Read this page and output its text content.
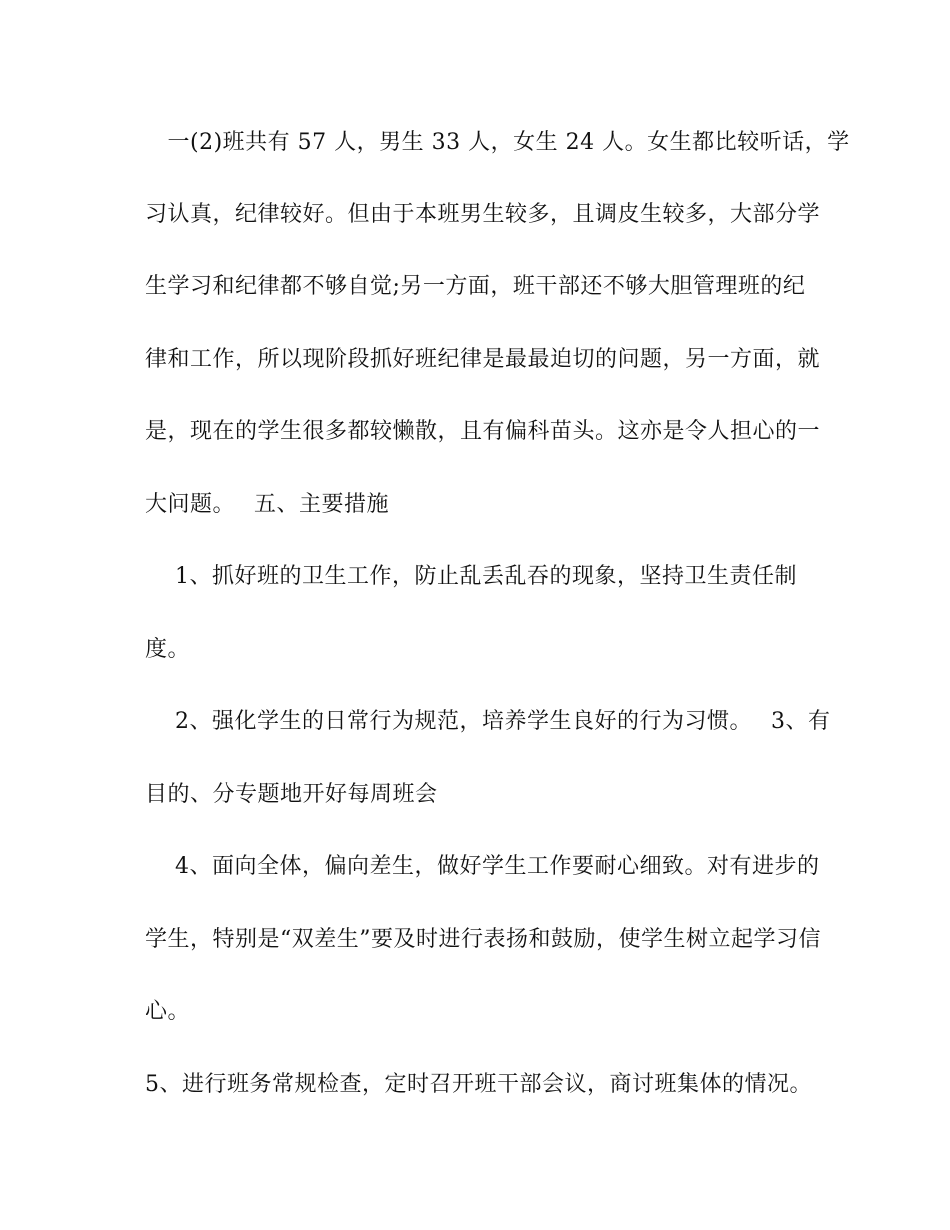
　一(2)班共有 57 人，男生 33 人，女生 24 人。女生都比较听话，学
习认真，纪律较好。但由于本班男生较多，且调皮生较多，大部分学
生学习和纪律都不够自觉;另一方面，班干部还不够大胆管理班的纪
律和工作，所以现阶段抓好班纪律是最最迫切的问题，另一方面，就
是，现在的学生很多都较懒散，且有偏科苗头。这亦是令人担心的一
大问题。　 五、主要措施
　 1、抓好班的卫生工作，防止乱丢乱吞的现象，坚持卫生责任制
度。
　 2、强化学生的日常行为规范，培养学生良好的行为习惯。　 3、有
目的、分专题地开好每周班会
　 4、面向全体，偏向差生，做好学生工作要耐心细致。对有进步的
学生，特别是“双差生”要及时进行表扬和鼓励，使学生树立起学习信
心。
5、进行班务常规检查，定时召开班干部会议，商讨班集体的情况。
